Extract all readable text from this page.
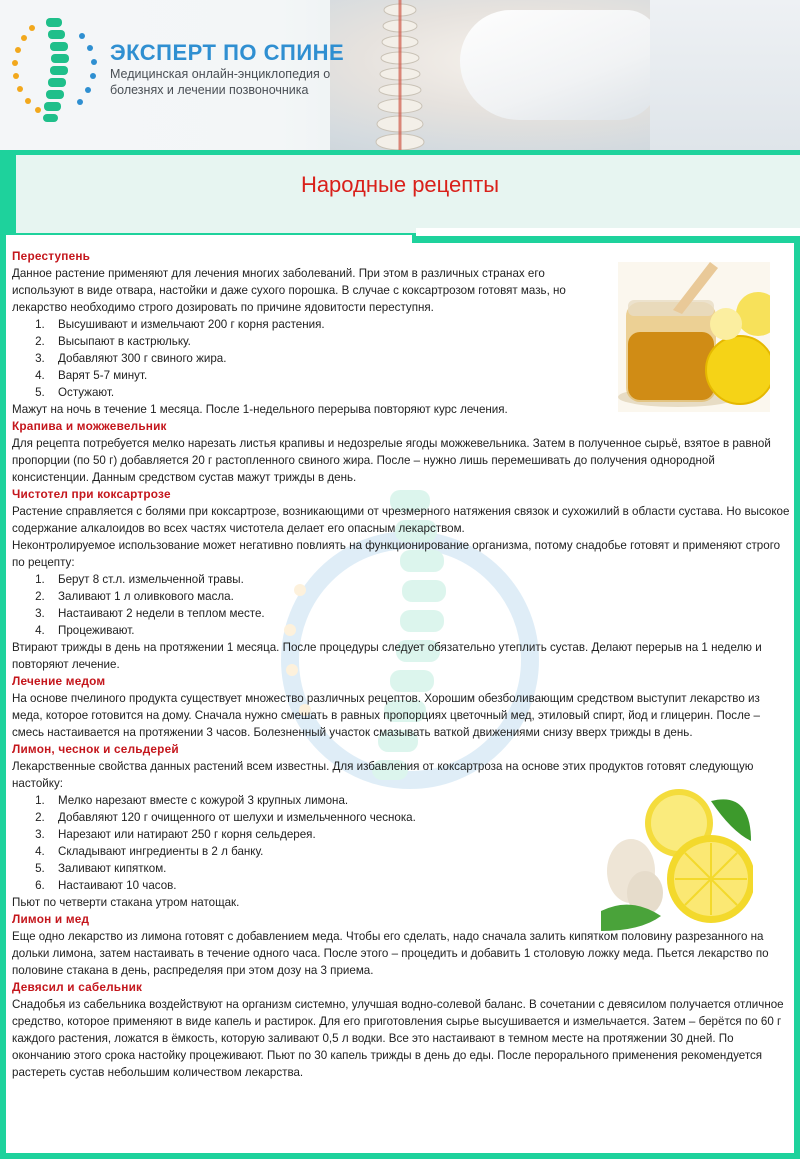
ЭКСПЕРТ ПО СПИНЕ
Медицинская онлайн-энциклопедия о болезнях и лечении позвоночника
Народные рецепты
Переступень

Данное растение применяют для лечения многих заболеваний. При этом в различных странах его используют в виде отвара, настойки и даже сухого порошка. В случае с коксартрозом готовят мазь, но лекарство необходимо строго дозировать по причине ядовитости переступня.

1. Высушивают и измельчают 200 г корня растения.
2. Высыпают в кастрюльку.
3. Добавляют 300 г свиного жира.
4. Варят 5-7 минут.
5. Остужают.

Мажут на ночь в течение 1 месяца. После 1-недельного перерыва повторяют курс лечения.

Крапива и можжевельник

Для рецепта потребуется мелко нарезать листья крапивы и недозрелые ягоды можжевельника. Затем в полученное сырьё, взятое в равной пропорции (по 50 г) добавляется 20 г растопленного свиного жира. После – нужно лишь перемешивать до получения однородной консистенции. Данным средством сустав мажут трижды в день.

Чистотел при коксартрозе

Растение справляется с болями при коксартрозе, возникающими от чрезмерного натяжения связок и сухожилий в области сустава. Но высокое содержание алкалоидов во всех частях чистотела делает его опасным лекарством.

Неконтролируемое использование может негативно повлиять на функционирование организма, потому снадобье готовят и применяют строго по рецепту:

1. Берут 8 ст.л. измельченной травы.
2. Заливают 1 л оливкового масла.
3. Настаивают 2 недели в теплом месте.
4. Процеживают.

Втирают трижды в день на протяжении 1 месяца. После процедуры следует обязательно утеплить сустав. Делают перерыв на 1 неделю и повторяют лечение.

Лечение медом

На основе пчелиного продукта существует множество различных рецептов. Хорошим обезболивающим средством выступит лекарство из меда, которое готовится на дому. Сначала нужно смешать в равных пропорциях цветочный мед, этиловый спирт, йод и глицерин. После – смесь настаивается на протяжении 3 часов. Болезненный участок смазывать ваткой движениями снизу вверх трижды в день.

Лимон, чеснок и сельдерей

Лекарственные свойства данных растений всем известны. Для избавления от коксартроза на основе этих продуктов готовят следующую настойку:

1. Мелко нарезают вместе с кожурой 3 крупных лимона.
2. Добавляют 120 г очищенного от шелухи и измельченного чеснока.
3. Нарезают или натирают 250 г корня сельдерея.
4. Складывают ингредиенты в 2 л банку.
5. Заливают кипятком.
6. Настаивают 10 часов.

Пьют по четверти стакана утром натощак.

Лимон и мед

Еще одно лекарство из лимона готовят с добавлением меда. Чтобы его сделать, надо сначала залить кипятком половину разрезанного на дольки лимона, затем настаивать в течение одного часа. После этого – процедить и добавить 1 столовую ложку меда. Пьется лекарство по половине стакана в день, распределяя при этом дозу на 3 приема.

Девясил и сабельник

Снадобья из сабельника воздействуют на организм системно, улучшая водно-солевой баланс. В сочетании с девясилом получается отличное средство, которое применяют в виде капель и растирок. Для его приготовления сырье высушивается и измельчается. Затем – берётся по 60 г каждого растения, ложатся в ёмкость, которую заливают 0,5 л водки. Все это настаивают в темном месте на протяжении 30 дней. По окончанию этого срока настойку процеживают. Пьют по 30 капель трижды в день до еды. После перорального применения рекомендуется растереть сустав небольшим количеством лекарства.
